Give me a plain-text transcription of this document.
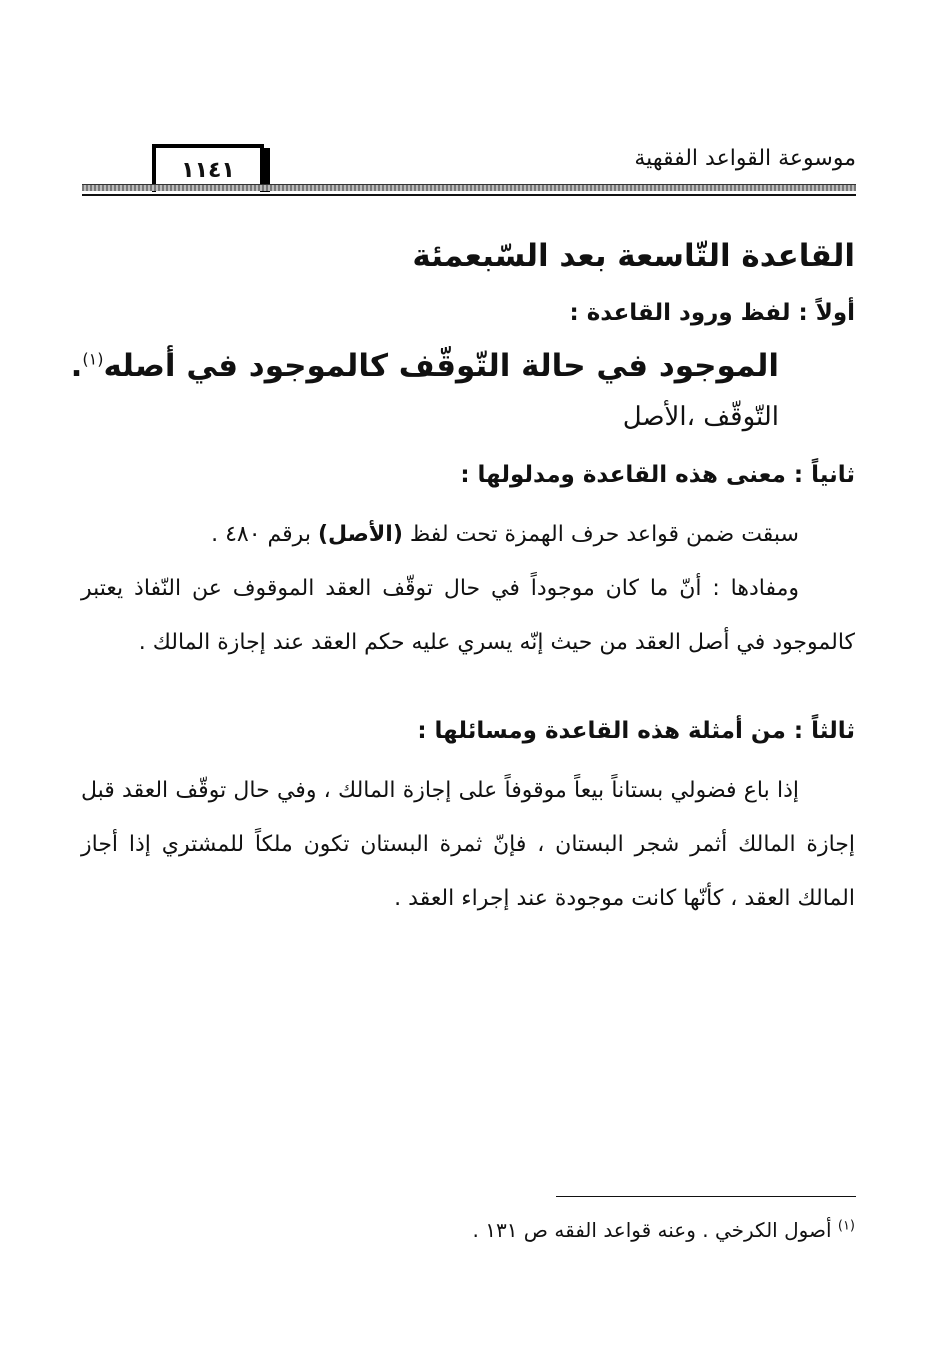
١١٤١	موسوعة القواعد الفقهية
القاعدة التّاسعة بعد السّبعمئة
أولاً : لفظ ورود القاعدة :
الموجود في حالة التّوقّف كالموجود في أصله$^{(١)}$.
التّوقّف ،الأصل
ثانياً : معنى هذه القاعدة ومدلولها :

سبقت ضمن قواعد حرف الهمزة تحت لفظ (الأصل) برقم ٤٨٠ .

ومفادها : أنّ ما كان موجوداً في حال توقّف العقد الموقوف عن النّفاذ يعتبر كالموجود في أصل العقد من حيث إنّه يسري عليه حكم العقد عند إجازة المالك .

ثالثاً : من أمثلة هذه القاعدة ومسائلها :

إذا باع فضولي بستاناً بيعاً موقوفاً على إجازة المالك ، وفي حال توقّف العقد قبل إجازة المالك أثمر شجر البستان ، فإنّ ثمرة البستان تكون ملكاً للمشتري إذا أجاز المالك العقد ، كأنّها كانت موجودة عند إجراء العقد .

$^{(١)}$ أصول الكرخي . وعنه قواعد الفقه ص ١٣١ .
